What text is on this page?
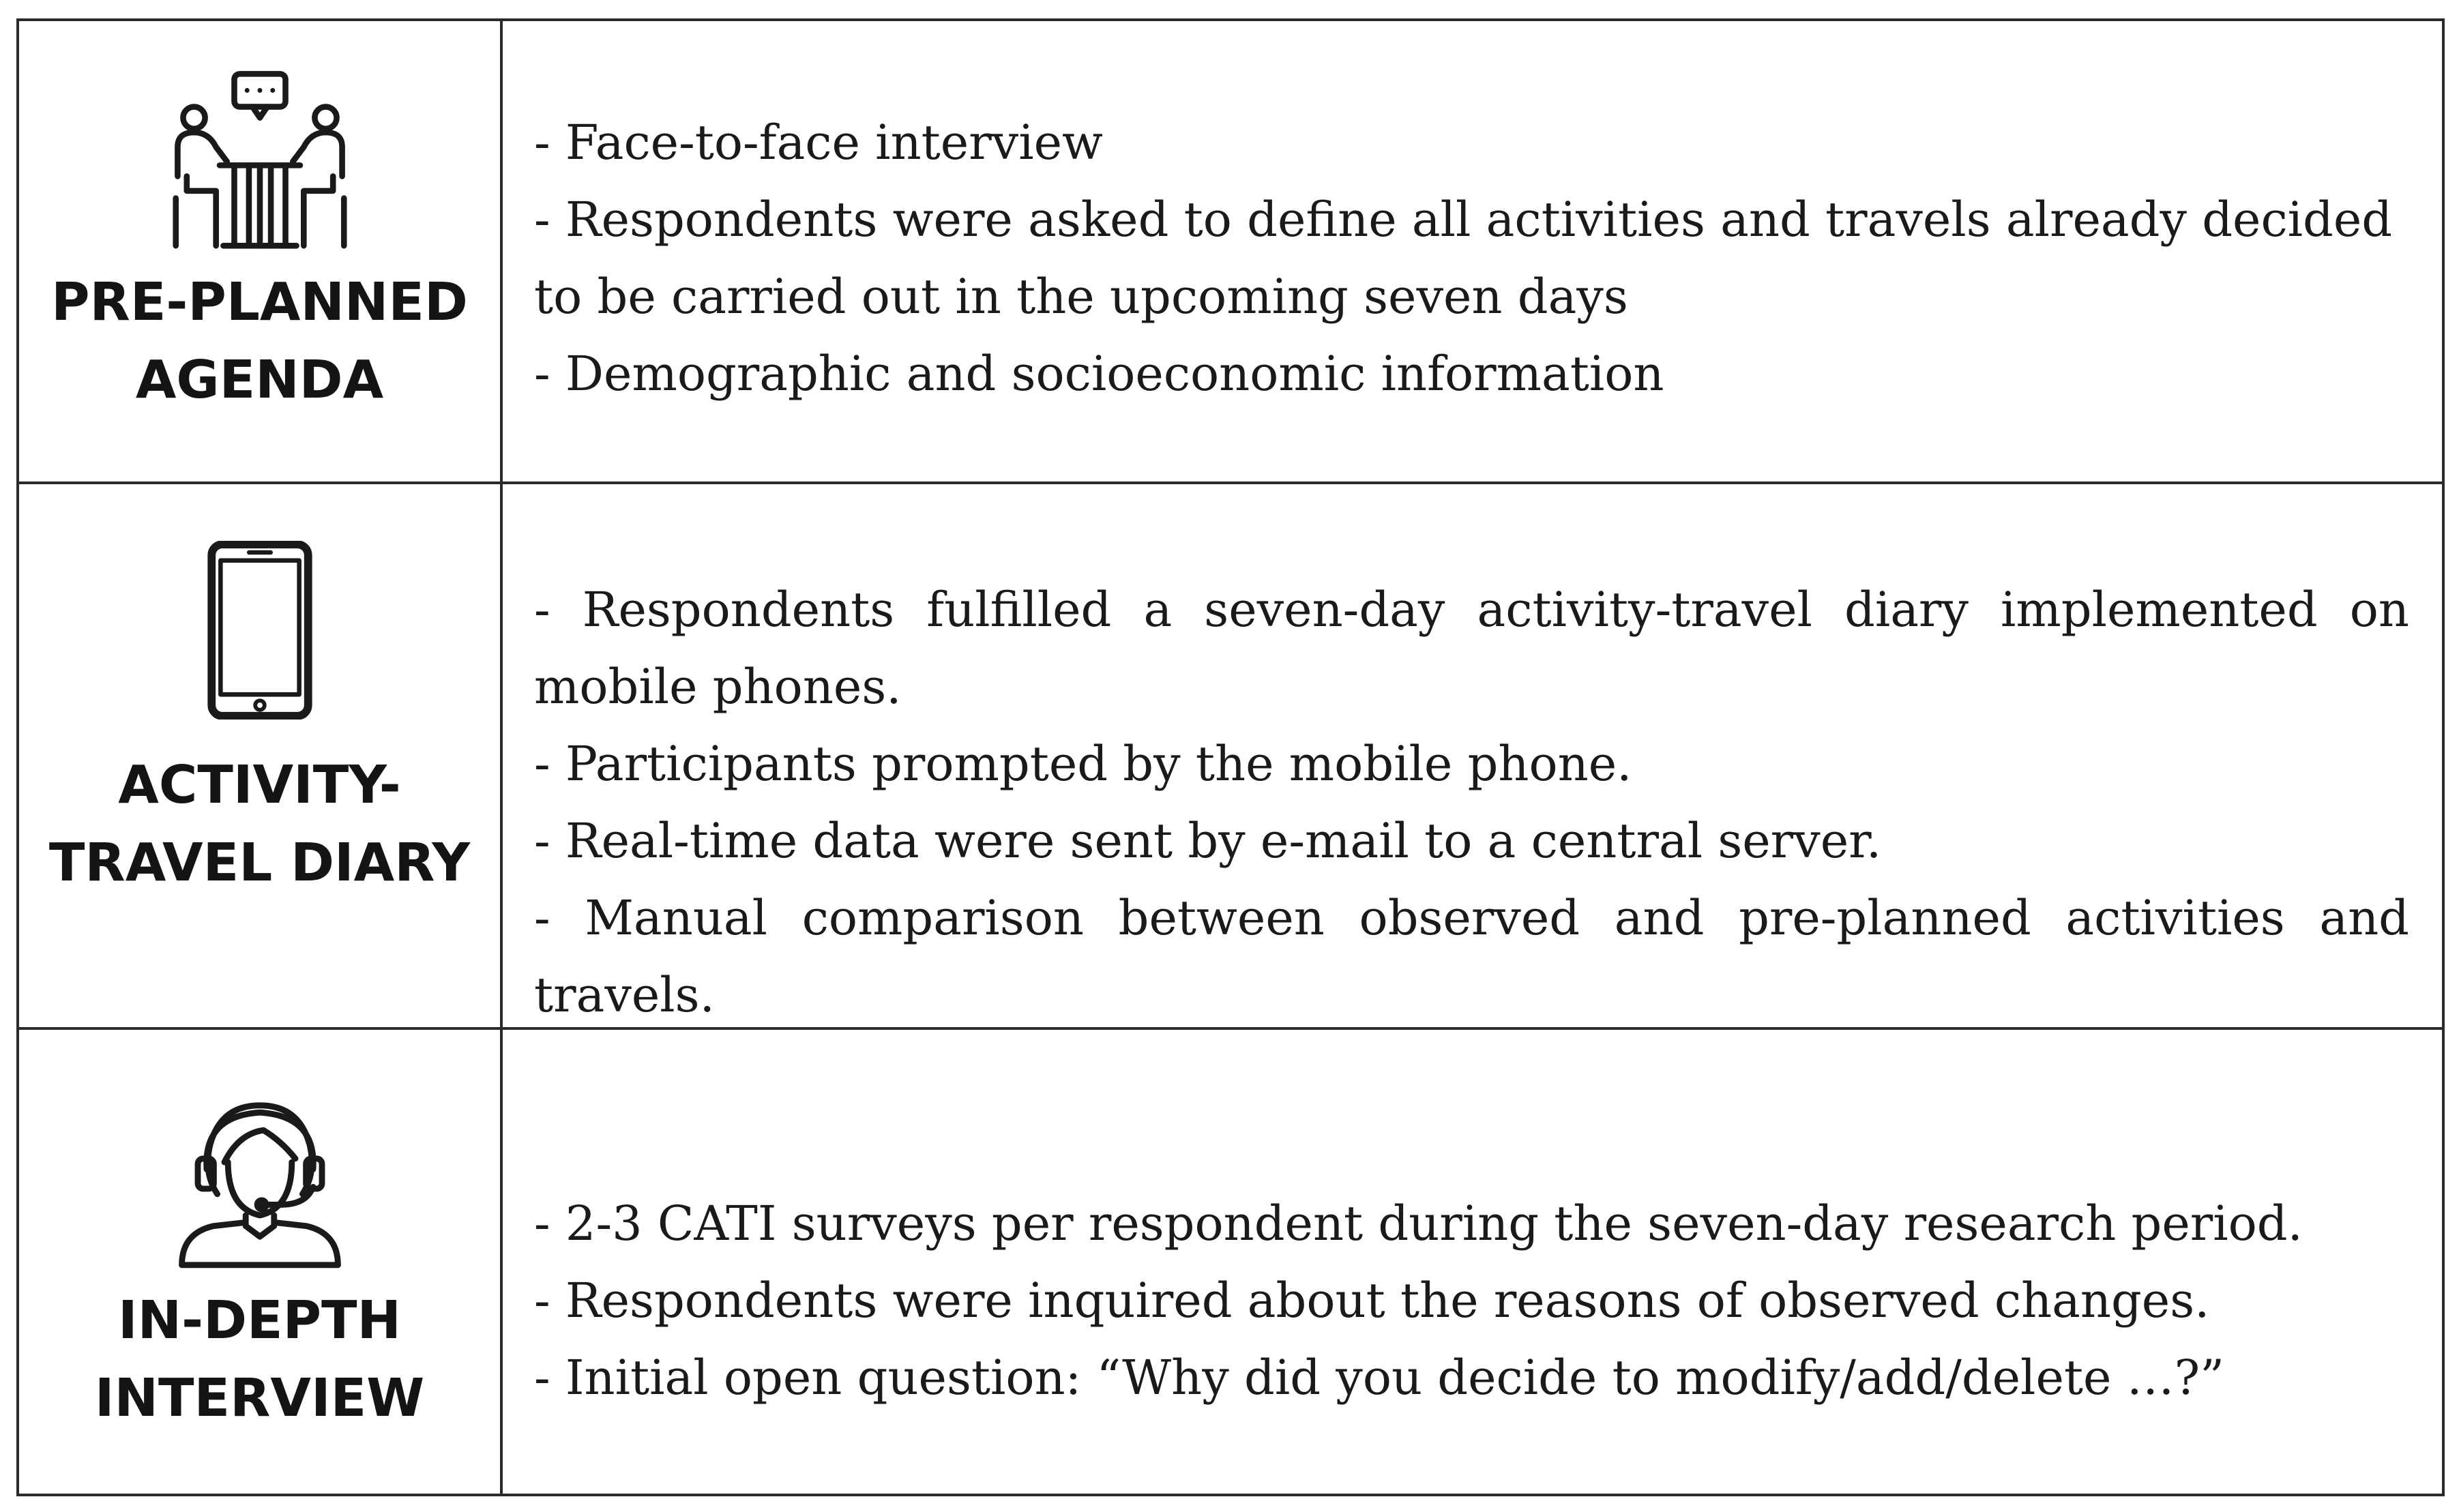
PRE-PLANNED
AGENDA
- Face-to-face interview
- Respondents were asked to define all activities and travels already decided to be carried out in the upcoming seven days
- Demographic and socioeconomic information
ACTIVITY-
TRAVEL DIARY
- Respondents fulfilled a seven-day activity-travel diary implemented on mobile phones.
- Participants prompted by the mobile phone.
- Real-time data were sent by e-mail to a central server.
- Manual comparison between observed and pre-planned activities and travels.
IN-DEPTH
INTERVIEW
- 2-3 CATI surveys per respondent during the seven-day research period.
- Respondents were inquired about the reasons of observed changes.
- Initial open question: “Why did you decide to modify/add/delete …?”
